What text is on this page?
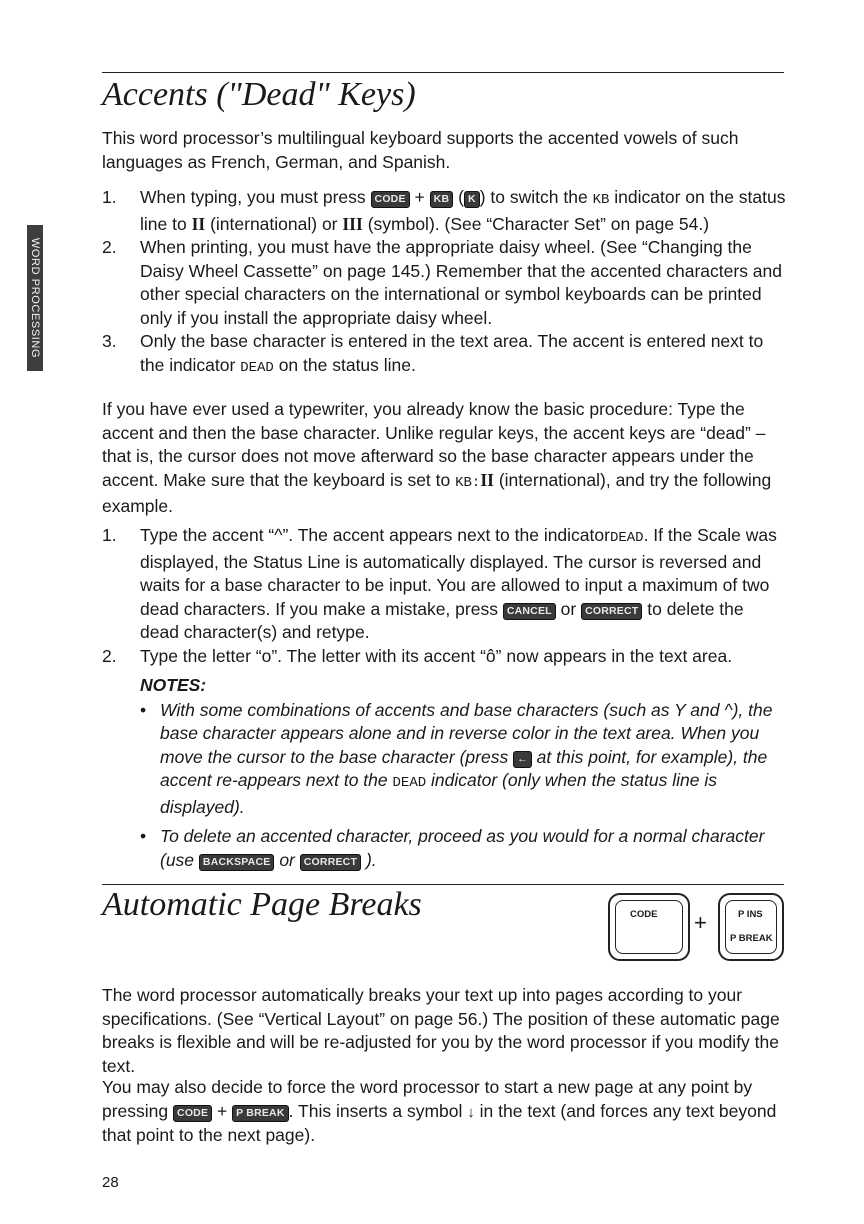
WORD PROCESSING
Accents ("Dead" Keys)

This word processor’s multilingual keyboard supports the accented vowels of such languages as French, German, and Spanish.

1. When typing, you must press CODE + KB ( K ) to switch the KB indicator on the status line to II (international) or III (symbol). (See “Character Set” on page 54.)
2. When printing, you must have the appropriate daisy wheel. (See “Changing the Daisy Wheel Cassette” on page 145.) Remember that the accented characters and other special characters on the international or symbol keyboards can be printed only if you install the appropriate daisy wheel.
3. Only the base character is entered in the text area. The accent is entered next to the indicator DEAD on the status line.

If you have ever used a typewriter, you already know the basic procedure: Type the accent and then the base character. Unlike regular keys, the accent keys are “dead” – that is, the cursor does not move afterward so the base character appears under the accent. Make sure that the keyboard is set to KB:II (international), and try the following example.

1. Type the accent “^”. The accent appears next to the indicatorDEAD. If the Scale was displayed, the Status Line is automatically displayed. The cursor is reversed and waits for a base character to be input. You are allowed to input a maximum of two dead characters. If you make a mistake, press CANCEL or CORRECT to delete the dead character(s) and retype.
2. Type the letter “o”. The letter with its accent “ô” now appears in the text area.

NOTES:

• With some combinations of accents and base characters (such as Y and ^), the base character appears alone and in reverse color in the text area. When you move the cursor to the base character (press ← at this point, for example), the accent re-appears next to the DEAD indicator (only when the status line is displayed).

• To delete an accented character, proceed as you would for a normal character (use BACKSPACE or CORRECT ).

Automatic Page Breaks	CODE +	P INS
P BREAK

The word processor automatically breaks your text up into pages according to your specifications. (See “Vertical Layout” on page 56.) The position of these automatic page breaks is flexible and will be re-adjusted for you by the word processor if you modify the text.

You may also decide to force the word processor to start a new page at any point by pressing CODE + P BREAK . This inserts a symbol ↓ in the text (and forces any text beyond that point to the next page).

28
